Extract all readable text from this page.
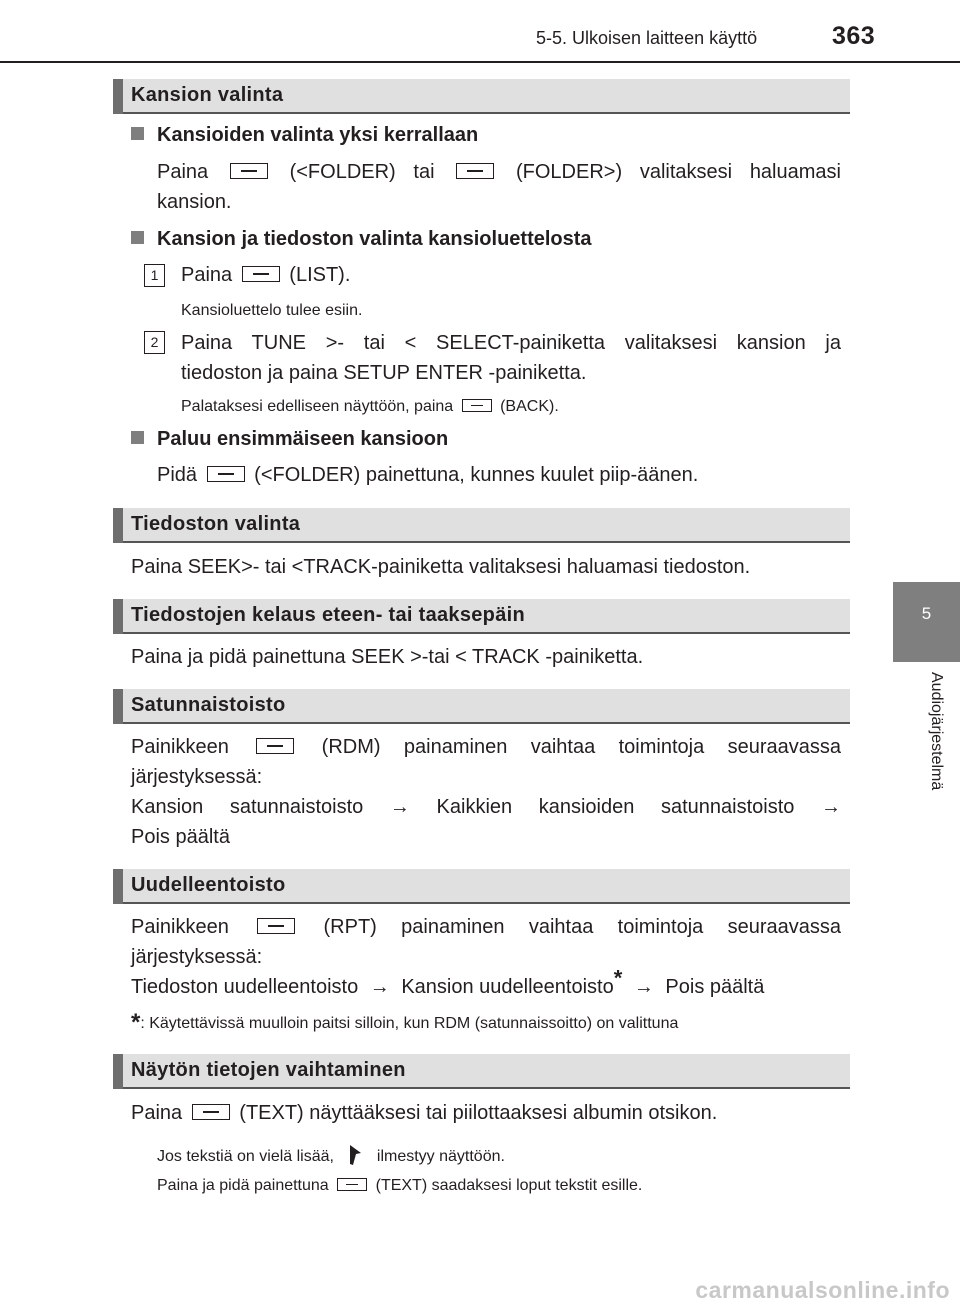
5-5. Ulkoisen laitteen käyttö	363
5
Audiojärjestelmä
Kansion valinta
Kansioiden valinta yksi kerrallaan
Paina	(<FOLDER) tai	(FOLDER>) valitaksesi haluamasi
kansion.
Kansion ja tiedoston valinta kansioluettelosta
1	Paina	(LIST).
Kansioluettelo tulee esiin.
2	Paina TUNE >- tai < SELECT-painiketta valitaksesi kansion ja
tiedoston ja paina SETUP ENTER -painiketta.
Palataksesi edelliseen näyttöön, paina	(BACK).
Paluu ensimmäiseen kansioon
Pidä	(<FOLDER) painettuna, kunnes kuulet piip-äänen.
Tiedoston valinta
Paina SEEK>- tai <TRACK-painiketta valitaksesi haluamasi tiedoston.
Tiedostojen kelaus eteen- tai taaksepäin
Paina ja pidä painettuna SEEK >-tai < TRACK -painiketta.
Satunnaistoisto
Painikkeen	(RDM) painaminen vaihtaa toimintoja seuraavassa
järjestyksessä:
Kansion satunnaistoisto → Kaikkien kansioiden satunnaistoisto →
Pois päältä
Uudelleentoisto
Painikkeen	(RPT) painaminen vaihtaa toimintoja seuraavassa
järjestyksessä:
Tiedoston uudelleentoisto → Kansion uudelleentoisto* → Pois päältä
*: Käytettävissä muulloin paitsi silloin, kun RDM (satunnaissoitto) on valittuna
Näytön tietojen vaihtaminen
Paina	(TEXT) näyttääksesi tai piilottaaksesi albumin otsikon.
Jos tekstiä on vielä lisää,	ilmestyy näyttöön.
Paina ja pidä painettuna	(TEXT) saadaksesi loput tekstit esille.
carmanualsonline.info
